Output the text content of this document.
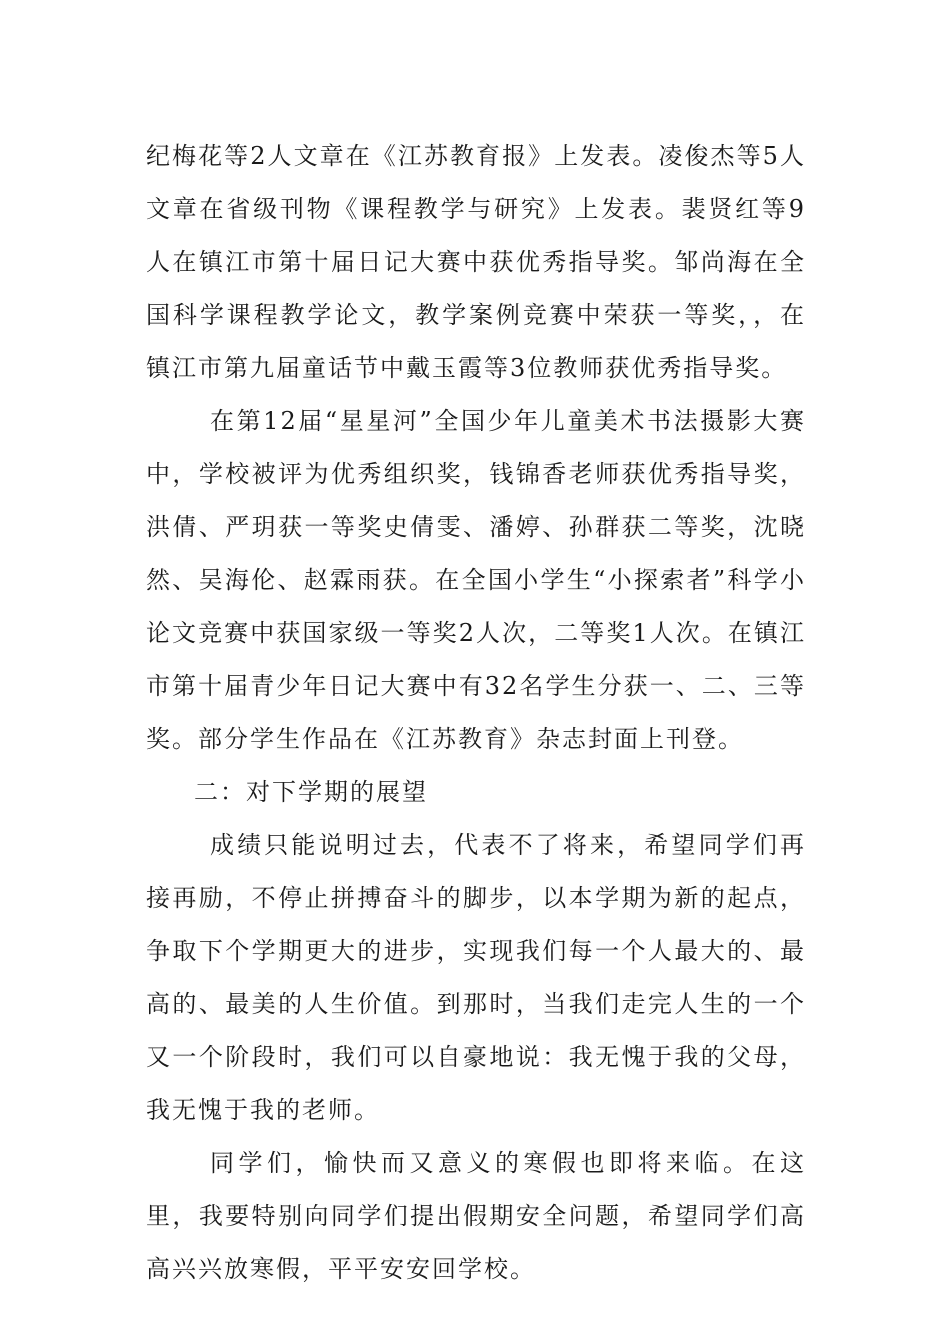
纪梅花等2人文章在《江苏教育报》上发表。凌俊杰等5人文章在省级刊物《课程教学与研究》上发表。裴贤红等9人在镇江市第十届日记大赛中获优秀指导奖。邹尚海在全国科学课程教学论文，教学案例竞赛中荣获一等奖，，在镇江市第九届童话节中戴玉霞等3位教师获优秀指导奖。

在第12届“星星河”全国少年儿童美术书法摄影大赛中，学校被评为优秀组织奖，钱锦香老师获优秀指导奖，洪倩、严玥获一等奖史倩雯、潘婷、孙群获二等奖，沈晓然、吴海伦、赵霖雨获。在全国小学生“小探索者”科学小论文竞赛中获国家级一等奖2人次，二等奖1人次。在镇江市第十届青少年日记大赛中有32名学生分获一、二、三等奖。部分学生作品在《江苏教育》杂志封面上刊登。

二：对下学期的展望

成绩只能说明过去，代表不了将来，希望同学们再接再励，不停止拼搏奋斗的脚步，以本学期为新的起点，争取下个学期更大的进步，实现我们每一个人最大的、最高的、最美的人生价值。到那时，当我们走完人生的一个又一个阶段时，我们可以自豪地说：我无愧于我的父母，我无愧于我的老师。

同学们，愉快而又意义的寒假也即将来临。在这里，我要特别向同学们提出假期安全问题，希望同学们高高兴兴放寒假，平平安安回学校。
